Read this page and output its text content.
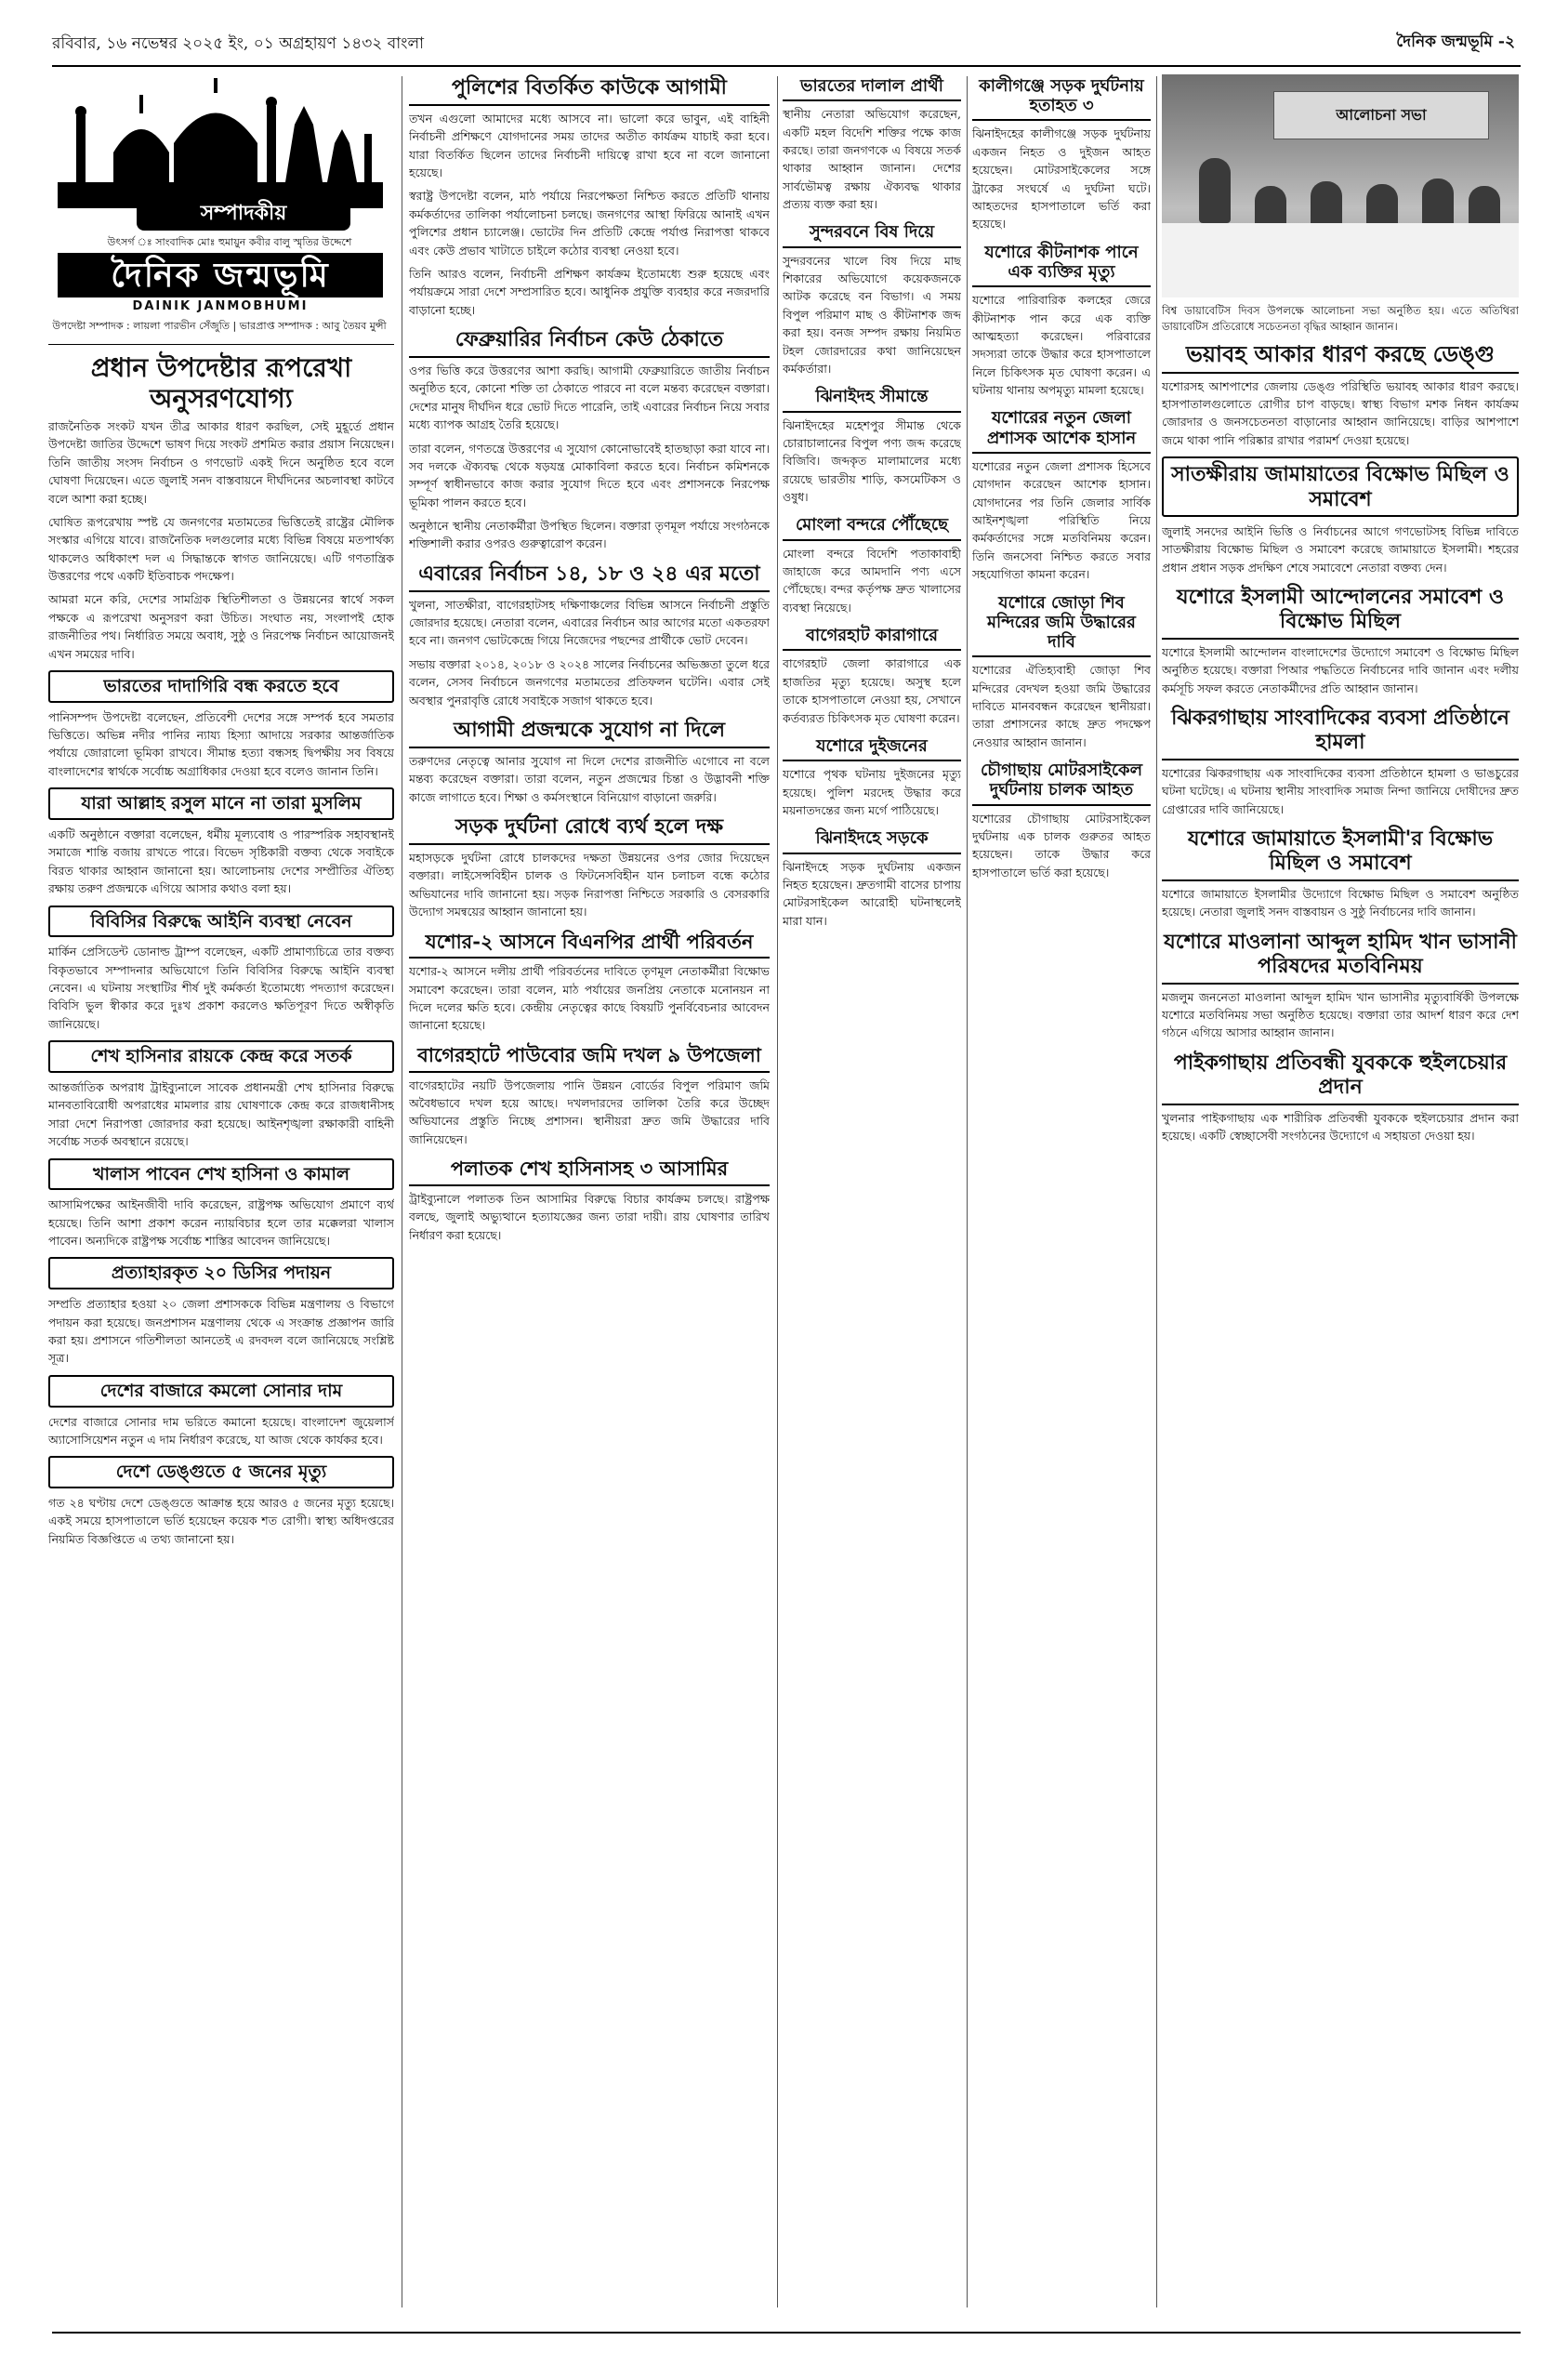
রবিবার, ১৬ নভেম্বর ২০২৫ ইং, ০১ অগ্রহায়ণ ১৪৩২ বাংলা	দৈনিক জন্মভূমি -২
সম্পাদকীয়
উৎসর্গ ঃ সাংবাদিক মোঃ হুমায়ুন কবীর বালু স্মৃতির উদ্দেশে
দৈনিক জন্মভূমি
DAINIK JANMOBHUMI
উপদেষ্টা সম্পাদক : লায়লা পারভীন সেঁজুতি | ভারপ্রাপ্ত সম্পাদক : আবু তৈয়ব মুন্সী
প্রধান উপদেষ্টার রূপরেখা অনুসরণযোগ্য

রাজনৈতিক সংকট যখন তীব্র আকার ধারণ করছিল, সেই মুহূর্তে প্রধান উপদেষ্টা জাতির উদ্দেশে ভাষণ দিয়ে সংকট প্রশমিত করার প্রয়াস নিয়েছেন। তিনি জাতীয় সংসদ নির্বাচন ও গণভোট একই দিনে অনুষ্ঠিত হবে বলে ঘোষণা দিয়েছেন। এতে জুলাই সনদ বাস্তবায়নে দীর্ঘদিনের অচলাবস্থা কাটবে বলে আশা করা হচ্ছে।

ঘোষিত রূপরেখায় স্পষ্ট যে জনগণের মতামতের ভিত্তিতেই রাষ্ট্রের মৌলিক সংস্কার এগিয়ে যাবে। রাজনৈতিক দলগুলোর মধ্যে বিভিন্ন বিষয়ে মতপার্থক্য থাকলেও অধিকাংশ দল এ সিদ্ধান্তকে স্বাগত জানিয়েছে। এটি গণতান্ত্রিক উত্তরণের পথে একটি ইতিবাচক পদক্ষেপ।

আমরা মনে করি, দেশের সামগ্রিক স্থিতিশীলতা ও উন্নয়নের স্বার্থে সকল পক্ষকে এ রূপরেখা অনুসরণ করা উচিত। সংঘাত নয়, সংলাপই হোক রাজনীতির পথ। নির্ধারিত সময়ে অবাধ, সুষ্ঠু ও নিরপেক্ষ নির্বাচন আয়োজনই এখন সময়ের দাবি।

ভারতের দাদাগিরি বন্ধ করতে হবে

পানিসম্পদ উপদেষ্টা বলেছেন, প্রতিবেশী দেশের সঙ্গে সম্পর্ক হবে সমতার ভিত্তিতে। অভিন্ন নদীর পানির ন্যায্য হিস্যা আদায়ে সরকার আন্তর্জাতিক পর্যায়ে জোরালো ভূমিকা রাখবে। সীমান্ত হত্যা বন্ধসহ দ্বিপক্ষীয় সব বিষয়ে বাংলাদেশের স্বার্থকে সর্বোচ্চ অগ্রাধিকার দেওয়া হবে বলেও জানান তিনি।

যারা আল্লাহ রসুল মানে না তারা মুসলিম

একটি অনুষ্ঠানে বক্তারা বলেছেন, ধর্মীয় মূল্যবোধ ও পারস্পরিক সহাবস্থানই সমাজে শান্তি বজায় রাখতে পারে। বিভেদ সৃষ্টিকারী বক্তব্য থেকে সবাইকে বিরত থাকার আহ্বান জানানো হয়। আলোচনায় দেশের সম্প্রীতির ঐতিহ্য রক্ষায় তরুণ প্রজন্মকে এগিয়ে আসার কথাও বলা হয়।

বিবিসির বিরুদ্ধে আইনি ব্যবস্থা নেবেন

মার্কিন প্রেসিডেন্ট ডোনাল্ড ট্রাম্প বলেছেন, একটি প্রামাণ্যচিত্রে তার বক্তব্য বিকৃতভাবে সম্পাদনার অভিযোগে তিনি বিবিসির বিরুদ্ধে আইনি ব্যবস্থা নেবেন। এ ঘটনায় সংস্থাটির শীর্ষ দুই কর্মকর্তা ইতোমধ্যে পদত্যাগ করেছেন। বিবিসি ভুল স্বীকার করে দুঃখ প্রকাশ করলেও ক্ষতিপূরণ দিতে অস্বীকৃতি জানিয়েছে।

শেখ হাসিনার রায়কে কেন্দ্র করে সতর্ক

আন্তর্জাতিক অপরাধ ট্রাইব্যুনালে সাবেক প্রধানমন্ত্রী শেখ হাসিনার বিরুদ্ধে মানবতাবিরোধী অপরাধের মামলার রায় ঘোষণাকে কেন্দ্র করে রাজধানীসহ সারা দেশে নিরাপত্তা জোরদার করা হয়েছে। আইনশৃঙ্খলা রক্ষাকারী বাহিনী সর্বোচ্চ সতর্ক অবস্থানে রয়েছে।

খালাস পাবেন শেখ হাসিনা ও কামাল

আসামিপক্ষের আইনজীবী দাবি করেছেন, রাষ্ট্রপক্ষ অভিযোগ প্রমাণে ব্যর্থ হয়েছে। তিনি আশা প্রকাশ করেন ন্যায়বিচার হলে তার মক্কেলরা খালাস পাবেন। অন্যদিকে রাষ্ট্রপক্ষ সর্বোচ্চ শাস্তির আবেদন জানিয়েছে।

প্রত্যাহারকৃত ২০ ডিসির পদায়ন

সম্প্রতি প্রত্যাহার হওয়া ২০ জেলা প্রশাসককে বিভিন্ন মন্ত্রণালয় ও বিভাগে পদায়ন করা হয়েছে। জনপ্রশাসন মন্ত্রণালয় থেকে এ সংক্রান্ত প্রজ্ঞাপন জারি করা হয়। প্রশাসনে গতিশীলতা আনতেই এ রদবদল বলে জানিয়েছে সংশ্লিষ্ট সূত্র।

দেশের বাজারে কমলো সোনার দাম

দেশের বাজারে সোনার দাম ভরিতে কমানো হয়েছে। বাংলাদেশ জুয়েলার্স অ্যাসোসিয়েশন নতুন এ দাম নির্ধারণ করেছে, যা আজ থেকে কার্যকর হবে।

দেশে ডেঙ্গুতে ৫ জনের মৃত্যু

গত ২৪ ঘণ্টায় দেশে ডেঙ্গুতে আক্রান্ত হয়ে আরও ৫ জনের মৃত্যু হয়েছে। একই সময়ে হাসপাতালে ভর্তি হয়েছেন কয়েক শত রোগী। স্বাস্থ্য অধিদপ্তরের নিয়মিত বিজ্ঞপ্তিতে এ তথ্য জানানো হয়।

পুলিশের বিতর্কিত কাউকে আগামী

তখন এগুলো আমাদের মধ্যে আসবে না। ভালো করে ভাবুন, এই বাহিনী নির্বাচনী প্রশিক্ষণে যোগদানের সময় তাদের অতীত কার্যক্রম যাচাই করা হবে। যারা বিতর্কিত ছিলেন তাদের নির্বাচনী দায়িত্বে রাখা হবে না বলে জানানো হয়েছে।

স্বরাষ্ট্র উপদেষ্টা বলেন, মাঠ পর্যায়ে নিরপেক্ষতা নিশ্চিত করতে প্রতিটি থানায় কর্মকর্তাদের তালিকা পর্যালোচনা চলছে। জনগণের আস্থা ফিরিয়ে আনাই এখন পুলিশের প্রধান চ্যালেঞ্জ। ভোটের দিন প্রতিটি কেন্দ্রে পর্যাপ্ত নিরাপত্তা থাকবে এবং কেউ প্রভাব খাটাতে চাইলে কঠোর ব্যবস্থা নেওয়া হবে।

তিনি আরও বলেন, নির্বাচনী প্রশিক্ষণ কার্যক্রম ইতোমধ্যে শুরু হয়েছে এবং পর্যায়ক্রমে সারা দেশে সম্প্রসারিত হবে। আধুনিক প্রযুক্তি ব্যবহার করে নজরদারি বাড়ানো হচ্ছে।

ফেব্রুয়ারির নির্বাচন কেউ ঠেকাতে

ওপর ভিত্তি করে উত্তরণের আশা করছি। আগামী ফেব্রুয়ারিতে জাতীয় নির্বাচন অনুষ্ঠিত হবে, কোনো শক্তি তা ঠেকাতে পারবে না বলে মন্তব্য করেছেন বক্তারা। দেশের মানুষ দীর্ঘদিন ধরে ভোট দিতে পারেনি, তাই এবারের নির্বাচন নিয়ে সবার মধ্যে ব্যাপক আগ্রহ তৈরি হয়েছে।

তারা বলেন, গণতন্ত্রে উত্তরণের এ সুযোগ কোনোভাবেই হাতছাড়া করা যাবে না। সব দলকে ঐক্যবদ্ধ থেকে ষড়যন্ত্র মোকাবিলা করতে হবে। নির্বাচন কমিশনকে সম্পূর্ণ স্বাধীনভাবে কাজ করার সুযোগ দিতে হবে এবং প্রশাসনকে নিরপেক্ষ ভূমিকা পালন করতে হবে।

অনুষ্ঠানে স্থানীয় নেতাকর্মীরা উপস্থিত ছিলেন। বক্তারা তৃণমূল পর্যায়ে সংগঠনকে শক্তিশালী করার ওপরও গুরুত্বারোপ করেন।

এবারের নির্বাচন ১৪, ১৮ ও ২৪ এর মতো

খুলনা, সাতক্ষীরা, বাগেরহাটসহ দক্ষিণাঞ্চলের বিভিন্ন আসনে নির্বাচনী প্রস্তুতি জোরদার হয়েছে। নেতারা বলেন, এবারের নির্বাচন আর আগের মতো একতরফা হবে না। জনগণ ভোটকেন্দ্রে গিয়ে নিজেদের পছন্দের প্রার্থীকে ভোট দেবেন।

সভায় বক্তারা ২০১৪, ২০১৮ ও ২০২৪ সালের নির্বাচনের অভিজ্ঞতা তুলে ধরে বলেন, সেসব নির্বাচনে জনগণের মতামতের প্রতিফলন ঘটেনি। এবার সেই অবস্থার পুনরাবৃত্তি রোধে সবাইকে সজাগ থাকতে হবে।

আগামী প্রজন্মকে সুযোগ না দিলে

তরুণদের নেতৃত্বে আনার সুযোগ না দিলে দেশের রাজনীতি এগোবে না বলে মন্তব্য করেছেন বক্তারা। তারা বলেন, নতুন প্রজন্মের চিন্তা ও উদ্ভাবনী শক্তি কাজে লাগাতে হবে। শিক্ষা ও কর্মসংস্থানে বিনিয়োগ বাড়ানো জরুরি।

সড়ক দুর্ঘটনা রোধে ব্যর্থ হলে দক্ষ

মহাসড়কে দুর্ঘটনা রোধে চালকদের দক্ষতা উন্নয়নের ওপর জোর দিয়েছেন বক্তারা। লাইসেন্সবিহীন চালক ও ফিটনেসবিহীন যান চলাচল বন্ধে কঠোর অভিযানের দাবি জানানো হয়। সড়ক নিরাপত্তা নিশ্চিতে সরকারি ও বেসরকারি উদ্যোগ সমন্বয়ের আহ্বান জানানো হয়।

যশোর-২ আসনে বিএনপির প্রার্থী পরিবর্তন

যশোর-২ আসনে দলীয় প্রার্থী পরিবর্তনের দাবিতে তৃণমূল নেতাকর্মীরা বিক্ষোভ সমাবেশ করেছেন। তারা বলেন, মাঠ পর্যায়ের জনপ্রিয় নেতাকে মনোনয়ন না দিলে দলের ক্ষতি হবে। কেন্দ্রীয় নেতৃত্বের কাছে বিষয়টি পুনর্বিবেচনার আবেদন জানানো হয়েছে।

বাগেরহাটে পাউবোর জমি দখল ৯ উপজেলা

বাগেরহাটের নয়টি উপজেলায় পানি উন্নয়ন বোর্ডের বিপুল পরিমাণ জমি অবৈধভাবে দখল হয়ে আছে। দখলদারদের তালিকা তৈরি করে উচ্ছেদ অভিযানের প্রস্তুতি নিচ্ছে প্রশাসন। স্থানীয়রা দ্রুত জমি উদ্ধারের দাবি জানিয়েছেন।

পলাতক শেখ হাসিনাসহ ৩ আসামির

ট্রাইব্যুনালে পলাতক তিন আসামির বিরুদ্ধে বিচার কার্যক্রম চলছে। রাষ্ট্রপক্ষ বলছে, জুলাই অভ্যুত্থানে হত্যাযজ্ঞের জন্য তারা দায়ী। রায় ঘোষণার তারিখ নির্ধারণ করা হয়েছে।

ভারতের দালাল প্রার্থী

স্থানীয় নেতারা অভিযোগ করেছেন, একটি মহল বিদেশি শক্তির পক্ষে কাজ করছে। তারা জনগণকে এ বিষয়ে সতর্ক থাকার আহ্বান জানান। দেশের সার্বভৌমত্ব রক্ষায় ঐক্যবদ্ধ থাকার প্রত্যয় ব্যক্ত করা হয়।

সুন্দরবনে বিষ দিয়ে

সুন্দরবনের খালে বিষ দিয়ে মাছ শিকারের অভিযোগে কয়েকজনকে আটক করেছে বন বিভাগ। এ সময় বিপুল পরিমাণ মাছ ও কীটনাশক জব্দ করা হয়। বনজ সম্পদ রক্ষায় নিয়মিত টহল জোরদারের কথা জানিয়েছেন কর্মকর্তারা।

ঝিনাইদহ সীমান্তে

ঝিনাইদহের মহেশপুর সীমান্ত থেকে চোরাচালানের বিপুল পণ্য জব্দ করেছে বিজিবি। জব্দকৃত মালামালের মধ্যে রয়েছে ভারতীয় শাড়ি, কসমেটিকস ও ওষুধ।

মোংলা বন্দরে পৌঁছেছে

মোংলা বন্দরে বিদেশি পতাকাবাহী জাহাজে করে আমদানি পণ্য এসে পৌঁছেছে। বন্দর কর্তৃপক্ষ দ্রুত খালাসের ব্যবস্থা নিয়েছে।

বাগেরহাট কারাগারে

বাগেরহাট জেলা কারাগারে এক হাজতির মৃত্যু হয়েছে। অসুস্থ হলে তাকে হাসপাতালে নেওয়া হয়, সেখানে কর্তব্যরত চিকিৎসক মৃত ঘোষণা করেন।

যশোরে দুইজনের

যশোরে পৃথক ঘটনায় দুইজনের মৃত্যু হয়েছে। পুলিশ মরদেহ উদ্ধার করে ময়নাতদন্তের জন্য মর্গে পাঠিয়েছে।

ঝিনাইদহে সড়কে

ঝিনাইদহে সড়ক দুর্ঘটনায় একজন নিহত হয়েছেন। দ্রুতগামী বাসের চাপায় মোটরসাইকেল আরোহী ঘটনাস্থলেই মারা যান।

কালীগঞ্জে সড়ক দুর্ঘটনায় হতাহত ৩

ঝিনাইদহের কালীগঞ্জে সড়ক দুর্ঘটনায় একজন নিহত ও দুইজন আহত হয়েছেন। মোটরসাইকেলের সঙ্গে ট্রাকের সংঘর্ষে এ দুর্ঘটনা ঘটে। আহতদের হাসপাতালে ভর্তি করা হয়েছে।

যশোরে কীটনাশক পানে এক ব্যক্তির মৃত্যু

যশোরে পারিবারিক কলহের জেরে কীটনাশক পান করে এক ব্যক্তি আত্মহত্যা করেছেন। পরিবারের সদস্যরা তাকে উদ্ধার করে হাসপাতালে নিলে চিকিৎসক মৃত ঘোষণা করেন। এ ঘটনায় থানায় অপমৃত্যু মামলা হয়েছে।

যশোরের নতুন জেলা প্রশাসক আশেক হাসান

যশোরের নতুন জেলা প্রশাসক হিসেবে যোগদান করেছেন আশেক হাসান। যোগদানের পর তিনি জেলার সার্বিক আইনশৃঙ্খলা পরিস্থিতি নিয়ে কর্মকর্তাদের সঙ্গে মতবিনিময় করেন। তিনি জনসেবা নিশ্চিত করতে সবার সহযোগিতা কামনা করেন।

যশোরে জোড়া শিব মন্দিরের জমি উদ্ধারের দাবি

যশোরের ঐতিহ্যবাহী জোড়া শিব মন্দিরের বেদখল হওয়া জমি উদ্ধারের দাবিতে মানববন্ধন করেছেন স্থানীয়রা। তারা প্রশাসনের কাছে দ্রুত পদক্ষেপ নেওয়ার আহ্বান জানান।

চৌগাছায় মোটরসাইকেল দুর্ঘটনায় চালক আহত

যশোরের চৌগাছায় মোটরসাইকেল দুর্ঘটনায় এক চালক গুরুতর আহত হয়েছেন। তাকে উদ্ধার করে হাসপাতালে ভর্তি করা হয়েছে।

আলোচনা সভা
বিশ্ব ডায়াবেটিস দিবস উপলক্ষে আলোচনা সভা অনুষ্ঠিত হয়। এতে অতিথিরা ডায়াবেটিস প্রতিরোধে সচেতনতা বৃদ্ধির আহ্বান জানান।
ভয়াবহ আকার ধারণ করছে ডেঙ্গু

যশোরসহ আশপাশের জেলায় ডেঙ্গু পরিস্থিতি ভয়াবহ আকার ধারণ করছে। হাসপাতালগুলোতে রোগীর চাপ বাড়ছে। স্বাস্থ্য বিভাগ মশক নিধন কার্যক্রম জোরদার ও জনসচেতনতা বাড়ানোর আহ্বান জানিয়েছে। বাড়ির আশপাশে জমে থাকা পানি পরিষ্কার রাখার পরামর্শ দেওয়া হয়েছে।

সাতক্ষীরায় জামায়াতের বিক্ষোভ মিছিল ও সমাবেশ

জুলাই সনদের আইনি ভিত্তি ও নির্বাচনের আগে গণভোটসহ বিভিন্ন দাবিতে সাতক্ষীরায় বিক্ষোভ মিছিল ও সমাবেশ করেছে জামায়াতে ইসলামী। শহরের প্রধান প্রধান সড়ক প্রদক্ষিণ শেষে সমাবেশে নেতারা বক্তব্য দেন।

যশোরে ইসলামী আন্দোলনের সমাবেশ ও বিক্ষোভ মিছিল

যশোরে ইসলামী আন্দোলন বাংলাদেশের উদ্যোগে সমাবেশ ও বিক্ষোভ মিছিল অনুষ্ঠিত হয়েছে। বক্তারা পিআর পদ্ধতিতে নির্বাচনের দাবি জানান এবং দলীয় কর্মসূচি সফল করতে নেতাকর্মীদের প্রতি আহ্বান জানান।

ঝিকরগাছায় সাংবাদিকের ব্যবসা প্রতিষ্ঠানে হামলা

যশোরের ঝিকরগাছায় এক সাংবাদিকের ব্যবসা প্রতিষ্ঠানে হামলা ও ভাঙচুরের ঘটনা ঘটেছে। এ ঘটনায় স্থানীয় সাংবাদিক সমাজ নিন্দা জানিয়ে দোষীদের দ্রুত গ্রেপ্তারের দাবি জানিয়েছে।

যশোরে জামায়াতে ইসলামী'র বিক্ষোভ মিছিল ও সমাবেশ

যশোরে জামায়াতে ইসলামীর উদ্যোগে বিক্ষোভ মিছিল ও সমাবেশ অনুষ্ঠিত হয়েছে। নেতারা জুলাই সনদ বাস্তবায়ন ও সুষ্ঠু নির্বাচনের দাবি জানান।

যশোরে মাওলানা আব্দুল হামিদ খান ভাসানী পরিষদের মতবিনিময়

মজলুম জননেতা মাওলানা আব্দুল হামিদ খান ভাসানীর মৃত্যুবার্ষিকী উপলক্ষে যশোরে মতবিনিময় সভা অনুষ্ঠিত হয়েছে। বক্তারা তার আদর্শ ধারণ করে দেশ গঠনে এগিয়ে আসার আহ্বান জানান।

পাইকগাছায় প্রতিবন্ধী যুবককে হুইলচেয়ার প্রদান

খুলনার পাইকগাছায় এক শারীরিক প্রতিবন্ধী যুবককে হুইলচেয়ার প্রদান করা হয়েছে। একটি স্বেচ্ছাসেবী সংগঠনের উদ্যোগে এ সহায়তা দেওয়া হয়।
